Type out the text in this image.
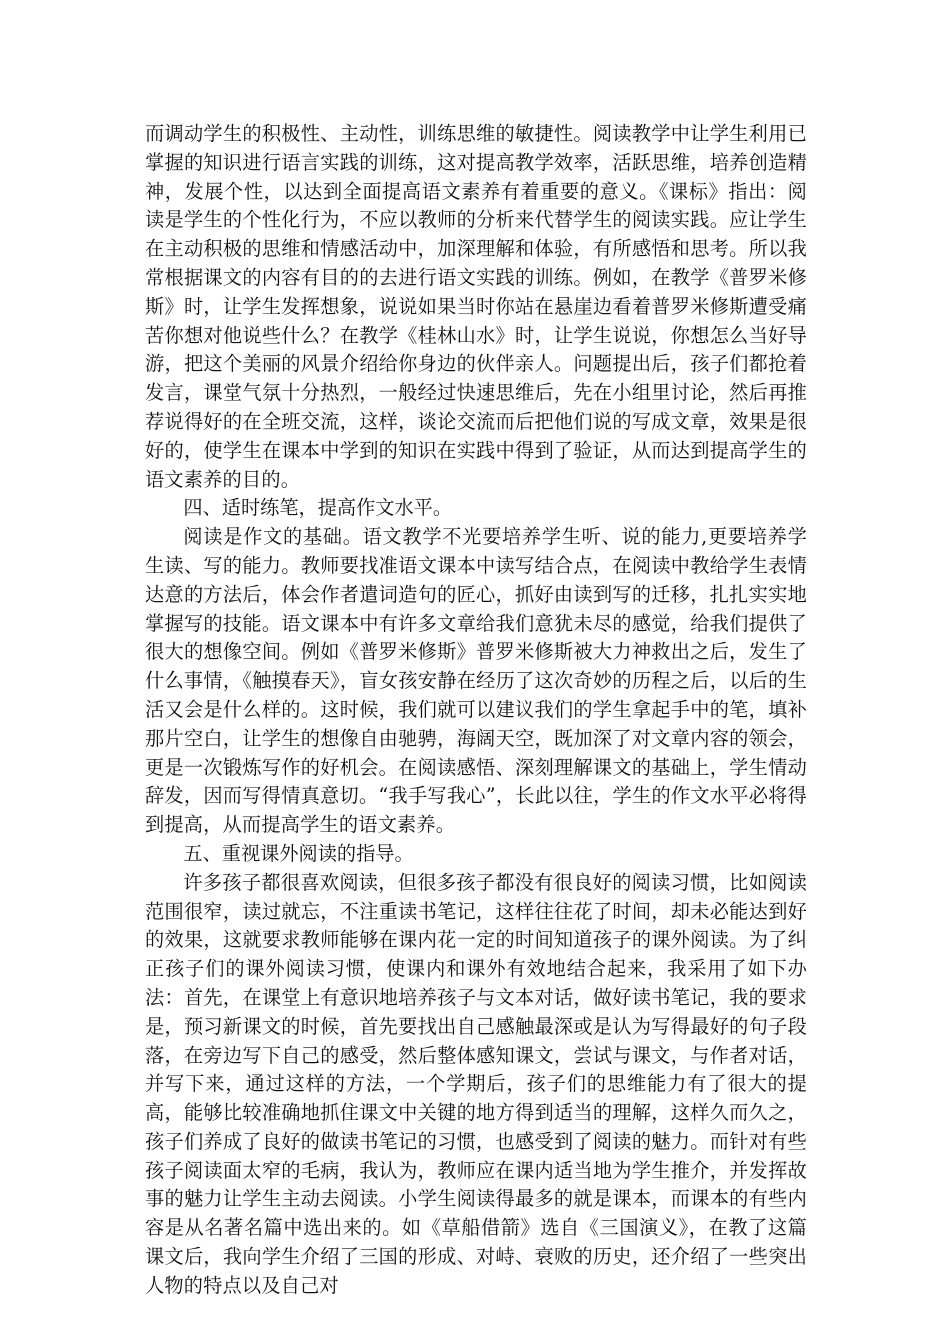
而调动学生的积极性、主动性，训练思维的敏捷性。阅读教学中让学生利用已掌握的知识进行语言实践的训练，这对提高教学效率，活跃思维，培养创造精神，发展个性，以达到全面提高语文素养有着重要的意义。《课标》指出：阅读是学生的个性化行为，不应以教师的分析来代替学生的阅读实践。应让学生在主动积极的思维和情感活动中，加深理解和体验，有所感悟和思考。所以我常根据课文的内容有目的的去进行语文实践的训练。例如，在教学《普罗米修斯》时，让学生发挥想象，说说如果当时你站在悬崖边看着普罗米修斯遭受痛苦你想对他说些什么？在教学《桂林山水》时，让学生说说，你想怎么当好导游，把这个美丽的风景介绍给你身边的伙伴亲人。问题提出后，孩子们都抢着发言，课堂气氛十分热烈，一般经过快速思维后，先在小组里讨论，然后再推荐说得好的在全班交流，这样，谈论交流而后把他们说的写成文章，效果是很好的，使学生在课本中学到的知识在实践中得到了验证，从而达到提高学生的语文素养的目的。

四、适时练笔，提高作文水平。

阅读是作文的基础。语文教学不光要培养学生听、说的能力,更要培养学生读、写的能力。教师要找准语文课本中读写结合点，在阅读中教给学生表情达意的方法后，体会作者遣词造句的匠心，抓好由读到写的迁移，扎扎实实地掌握写的技能。语文课本中有许多文章给我们意犹未尽的感觉，给我们提供了很大的想像空间。例如《普罗米修斯》普罗米修斯被大力神救出之后，发生了什么事情，《触摸春天》，盲女孩安静在经历了这次奇妙的历程之后，以后的生活又会是什么样的。这时候，我们就可以建议我们的学生拿起手中的笔，填补那片空白，让学生的想像自由驰骋，海阔天空，既加深了对文章内容的领会，更是一次锻炼写作的好机会。在阅读感悟、深刻理解课文的基础上，学生情动辞发，因而写得情真意切。“我手写我心”，长此以往，学生的作文水平必将得到提高，从而提高学生的语文素养。

五、重视课外阅读的指导。

许多孩子都很喜欢阅读，但很多孩子都没有很良好的阅读习惯，比如阅读范围很窄，读过就忘，不注重读书笔记，这样往往花了时间，却未必能达到好的效果，这就要求教师能够在课内花一定的时间知道孩子的课外阅读。为了纠正孩子们的课外阅读习惯，使课内和课外有效地结合起来，我采用了如下办法：首先，在课堂上有意识地培养孩子与文本对话，做好读书笔记，我的要求是，预习新课文的时候，首先要找出自己感触最深或是认为写得最好的句子段落，在旁边写下自己的感受，然后整体感知课文，尝试与课文，与作者对话，并写下来，通过这样的方法，一个学期后，孩子们的思维能力有了很大的提高，能够比较准确地抓住课文中关键的地方得到适当的理解，这样久而久之，孩子们养成了良好的做读书笔记的习惯，也感受到了阅读的魅力。而针对有些孩子阅读面太窄的毛病，我认为，教师应在课内适当地为学生推介，并发挥故事的魅力让学生主动去阅读。小学生阅读得最多的就是课本，而课本的有些内容是从名著名篇中选出来的。如《草船借箭》选自《三国演义》，在教了这篇课文后，我向学生介绍了三国的形成、对峙、衰败的历史，还介绍了一些突出人物的特点以及自己对
